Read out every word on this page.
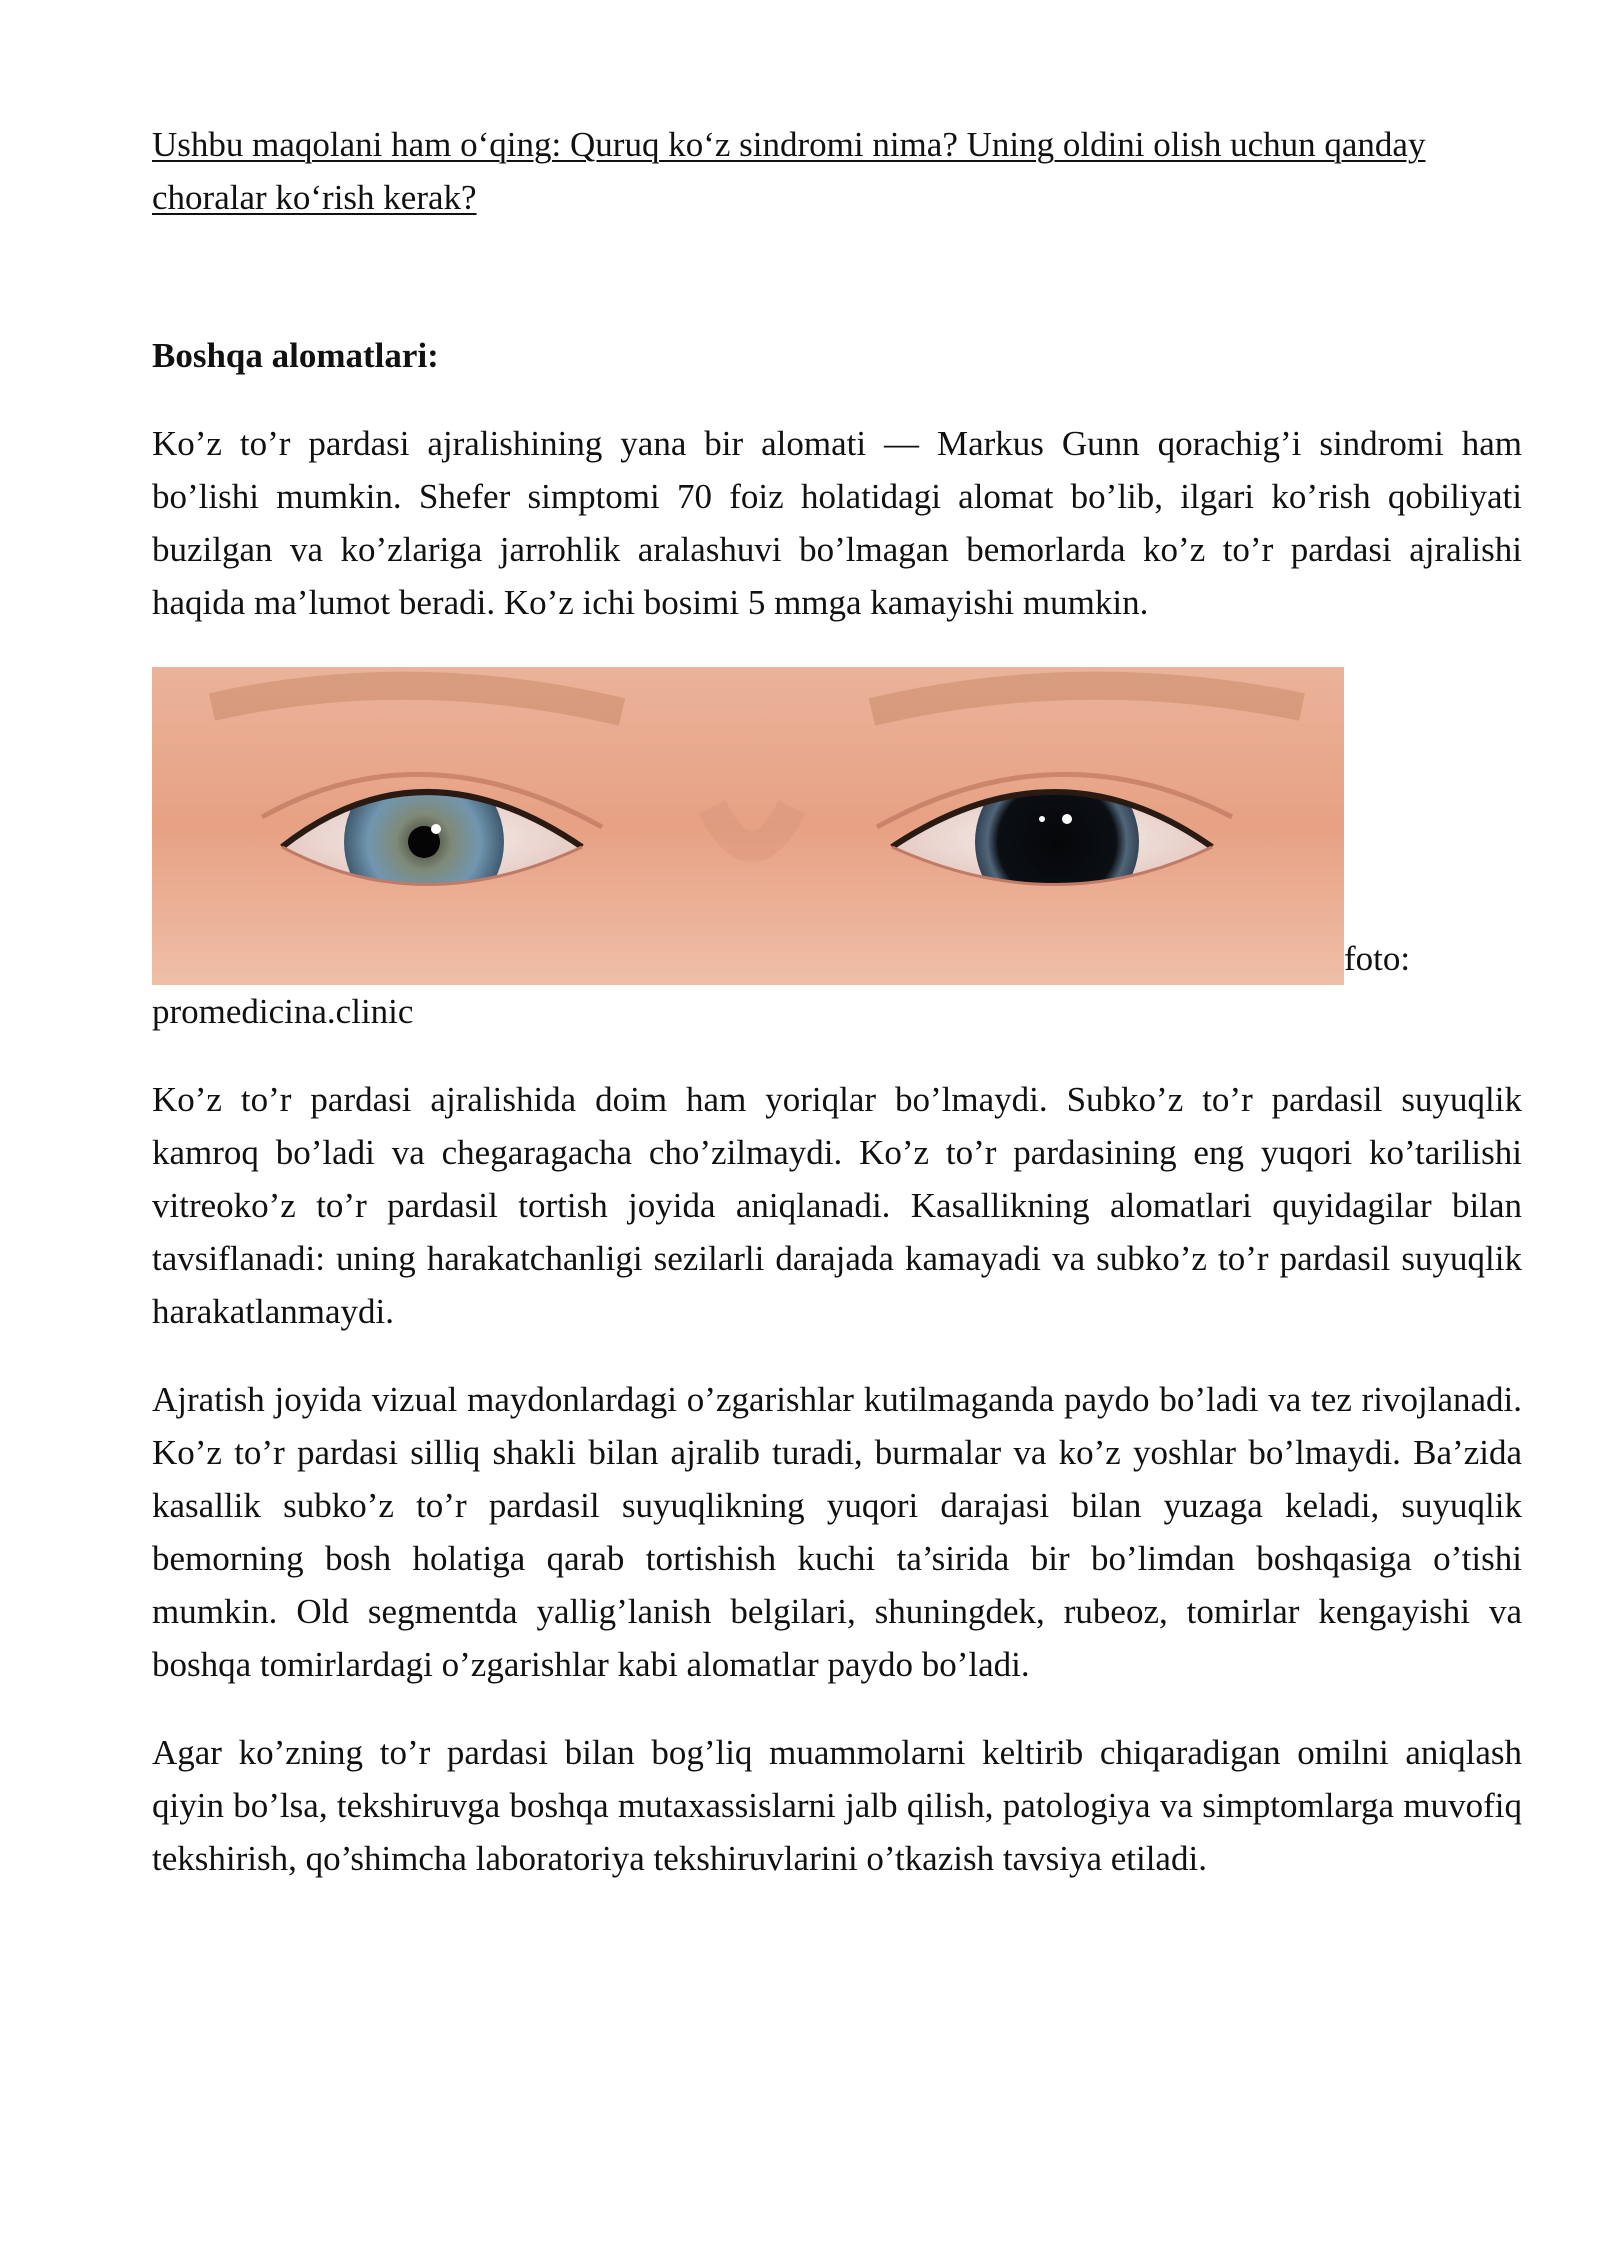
Ushbu maqolani ham oʻqing: Quruq koʻz sindromi nima? Uning oldini olish uchun qanday choralar koʻrish kerak?

Boshqa alomatlari:

Ko’z to’r pardasi ajralishining yana bir alomati — Markus Gunn qorachig’i sindromi ham bo’lishi mumkin. Shefer simptomi 70 foiz holatidagi alomat bo’lib, ilgari ko’rish qobiliyati buzilgan va ko’zlariga jarrohlik aralashuvi bo’lmagan bemorlarda ko’z to’r pardasi ajralishi haqida ma’lumot beradi. Ko’z ichi bosimi 5 mmga kamayishi mumkin.

foto:
promedicina.clinic

Ko’z to’r pardasi ajralishida doim ham yoriqlar bo’lmaydi. Subko’z to’r pardasil suyuqlik kamroq bo’ladi va chegaragacha cho’zilmaydi. Ko’z to’r pardasining eng yuqori ko’tarilishi vitreoko’z to’r pardasil tortish joyida aniqlanadi. Kasallikning alomatlari quyidagilar bilan tavsiflanadi: uning harakatchanligi sezilarli darajada kamayadi va subko’z to’r pardasil suyuqlik harakatlanmaydi.

Ajratish joyida vizual maydonlardagi o’zgarishlar kutilmaganda paydo bo’ladi va tez rivojlanadi. Ko’z to’r pardasi silliq shakli bilan ajralib turadi, burmalar va ko’z yoshlar bo’lmaydi. Ba’zida kasallik subko’z to’r pardasil suyuqlikning yuqori darajasi bilan yuzaga keladi, suyuqlik bemorning bosh holatiga qarab tortishish kuchi ta’sirida bir bo’limdan boshqasiga o’tishi mumkin. Old segmentda yallig’lanish belgilari, shuningdek, rubeoz, tomirlar kengayishi va boshqa tomirlardagi o’zgarishlar kabi alomatlar paydo bo’ladi.

Agar ko’zning to’r pardasi bilan bog’liq muammolarni keltirib chiqaradigan omilni aniqlash qiyin bo’lsa, tekshiruvga boshqa mutaxassislarni jalb qilish, patologiya va simptomlarga muvofiq tekshirish, qo’shimcha laboratoriya tekshiruvlarini o’tkazish tavsiya etiladi.
